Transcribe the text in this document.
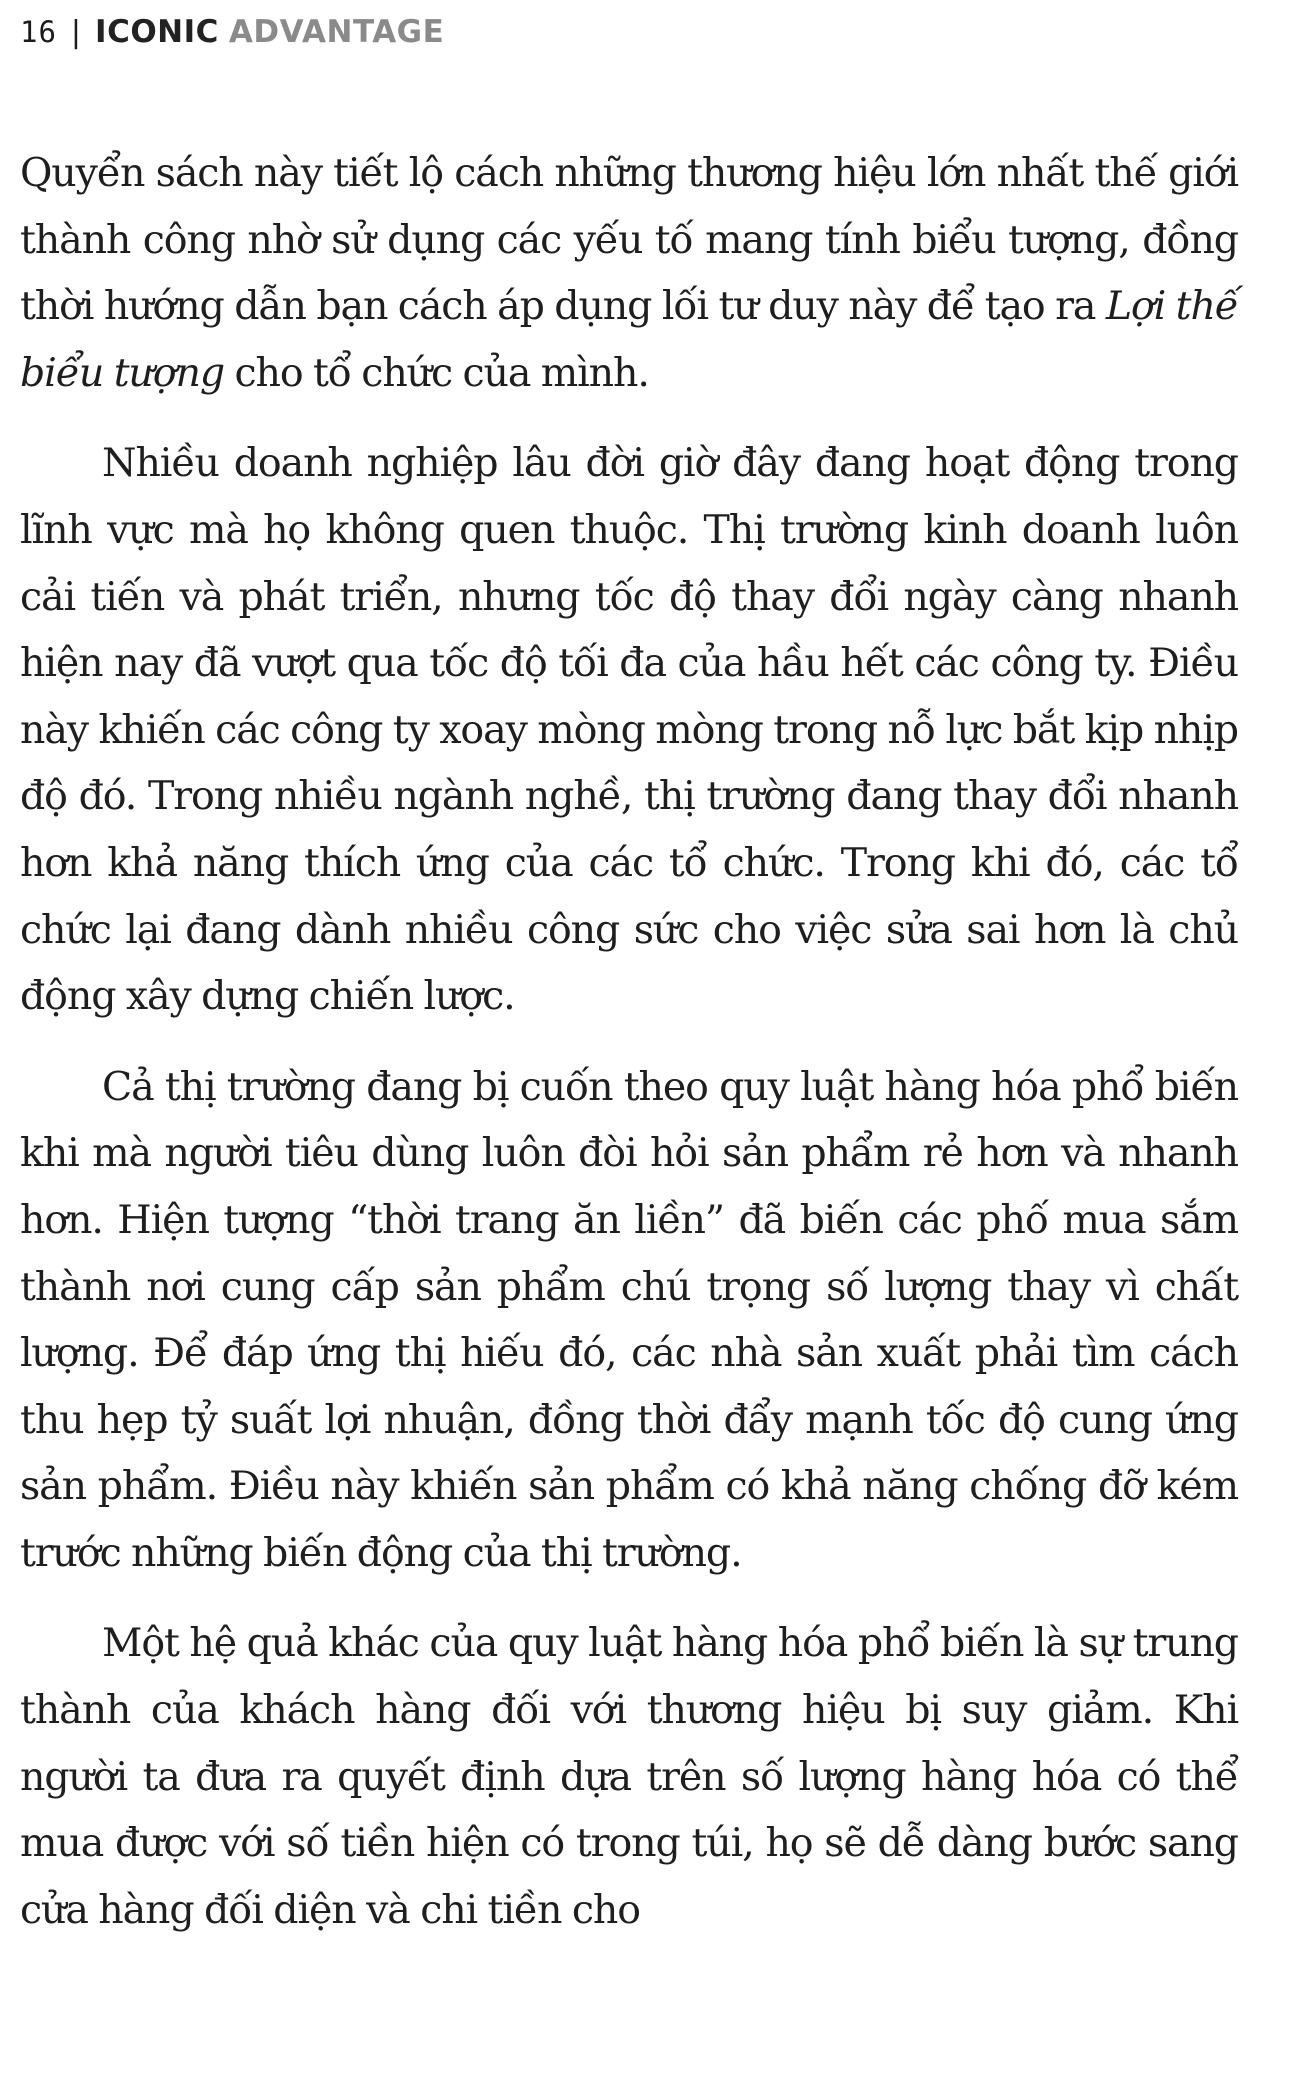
16 | ICONIC ADVANTAGE

Quyển sách này tiết lộ cách những thương hiệu lớn nhất thế giới thành công nhờ sử dụng các yếu tố mang tính biểu tượng, đồng thời hướng dẫn bạn cách áp dụng lối tư duy này để tạo ra Lợi thế biểu tượng cho tổ chức của mình.

Nhiều doanh nghiệp lâu đời giờ đây đang hoạt động trong lĩnh vực mà họ không quen thuộc. Thị trường kinh doanh luôn cải tiến và phát triển, nhưng tốc độ thay đổi ngày càng nhanh hiện nay đã vượt qua tốc độ tối đa của hầu hết các công ty. Điều này khiến các công ty xoay mòng mòng trong nỗ lực bắt kịp nhịp độ đó. Trong nhiều ngành nghề, thị trường đang thay đổi nhanh hơn khả năng thích ứng của các tổ chức. Trong khi đó, các tổ chức lại đang dành nhiều công sức cho việc sửa sai hơn là chủ động xây dựng chiến lược.

Cả thị trường đang bị cuốn theo quy luật hàng hóa phổ biến khi mà người tiêu dùng luôn đòi hỏi sản phẩm rẻ hơn và nhanh hơn. Hiện tượng “thời trang ăn liền” đã biến các phố mua sắm thành nơi cung cấp sản phẩm chú trọng số lượng thay vì chất lượng. Để đáp ứng thị hiếu đó, các nhà sản xuất phải tìm cách thu hẹp tỷ suất lợi nhuận, đồng thời đẩy mạnh tốc độ cung ứng sản phẩm. Điều này khiến sản phẩm có khả năng chống đỡ kém trước những biến động của thị trường.

Một hệ quả khác của quy luật hàng hóa phổ biến là sự trung thành của khách hàng đối với thương hiệu bị suy giảm. Khi người ta đưa ra quyết định dựa trên số lượng hàng hóa có thể mua được với số tiền hiện có trong túi, họ sẽ dễ dàng bước sang cửa hàng đối diện và chi tiền cho
